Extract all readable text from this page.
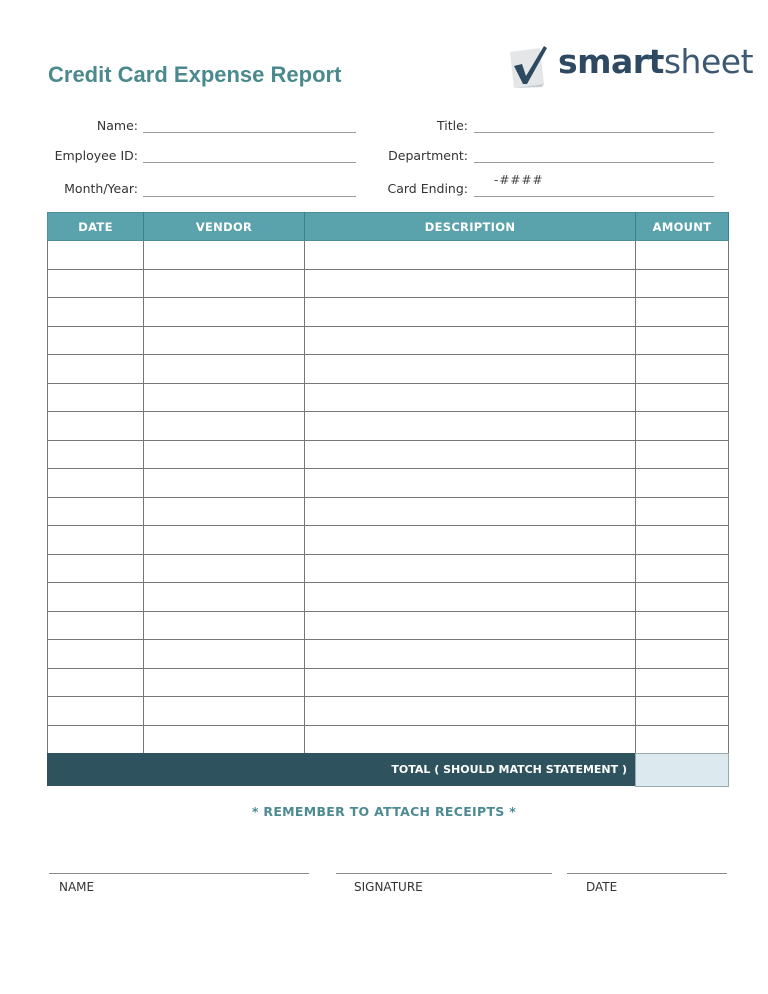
Credit Card Expense Report	smartsheet
Name:
Employee ID:
Month/Year:
Title:
Department:
Card Ending:
-####
DATE	VENDOR	DESCRIPTION	AMOUNT

TOTAL ( SHOULD MATCH STATEMENT )
* REMEMBER TO ATTACH RECEIPTS *
NAME	SIGNATURE	DATE
